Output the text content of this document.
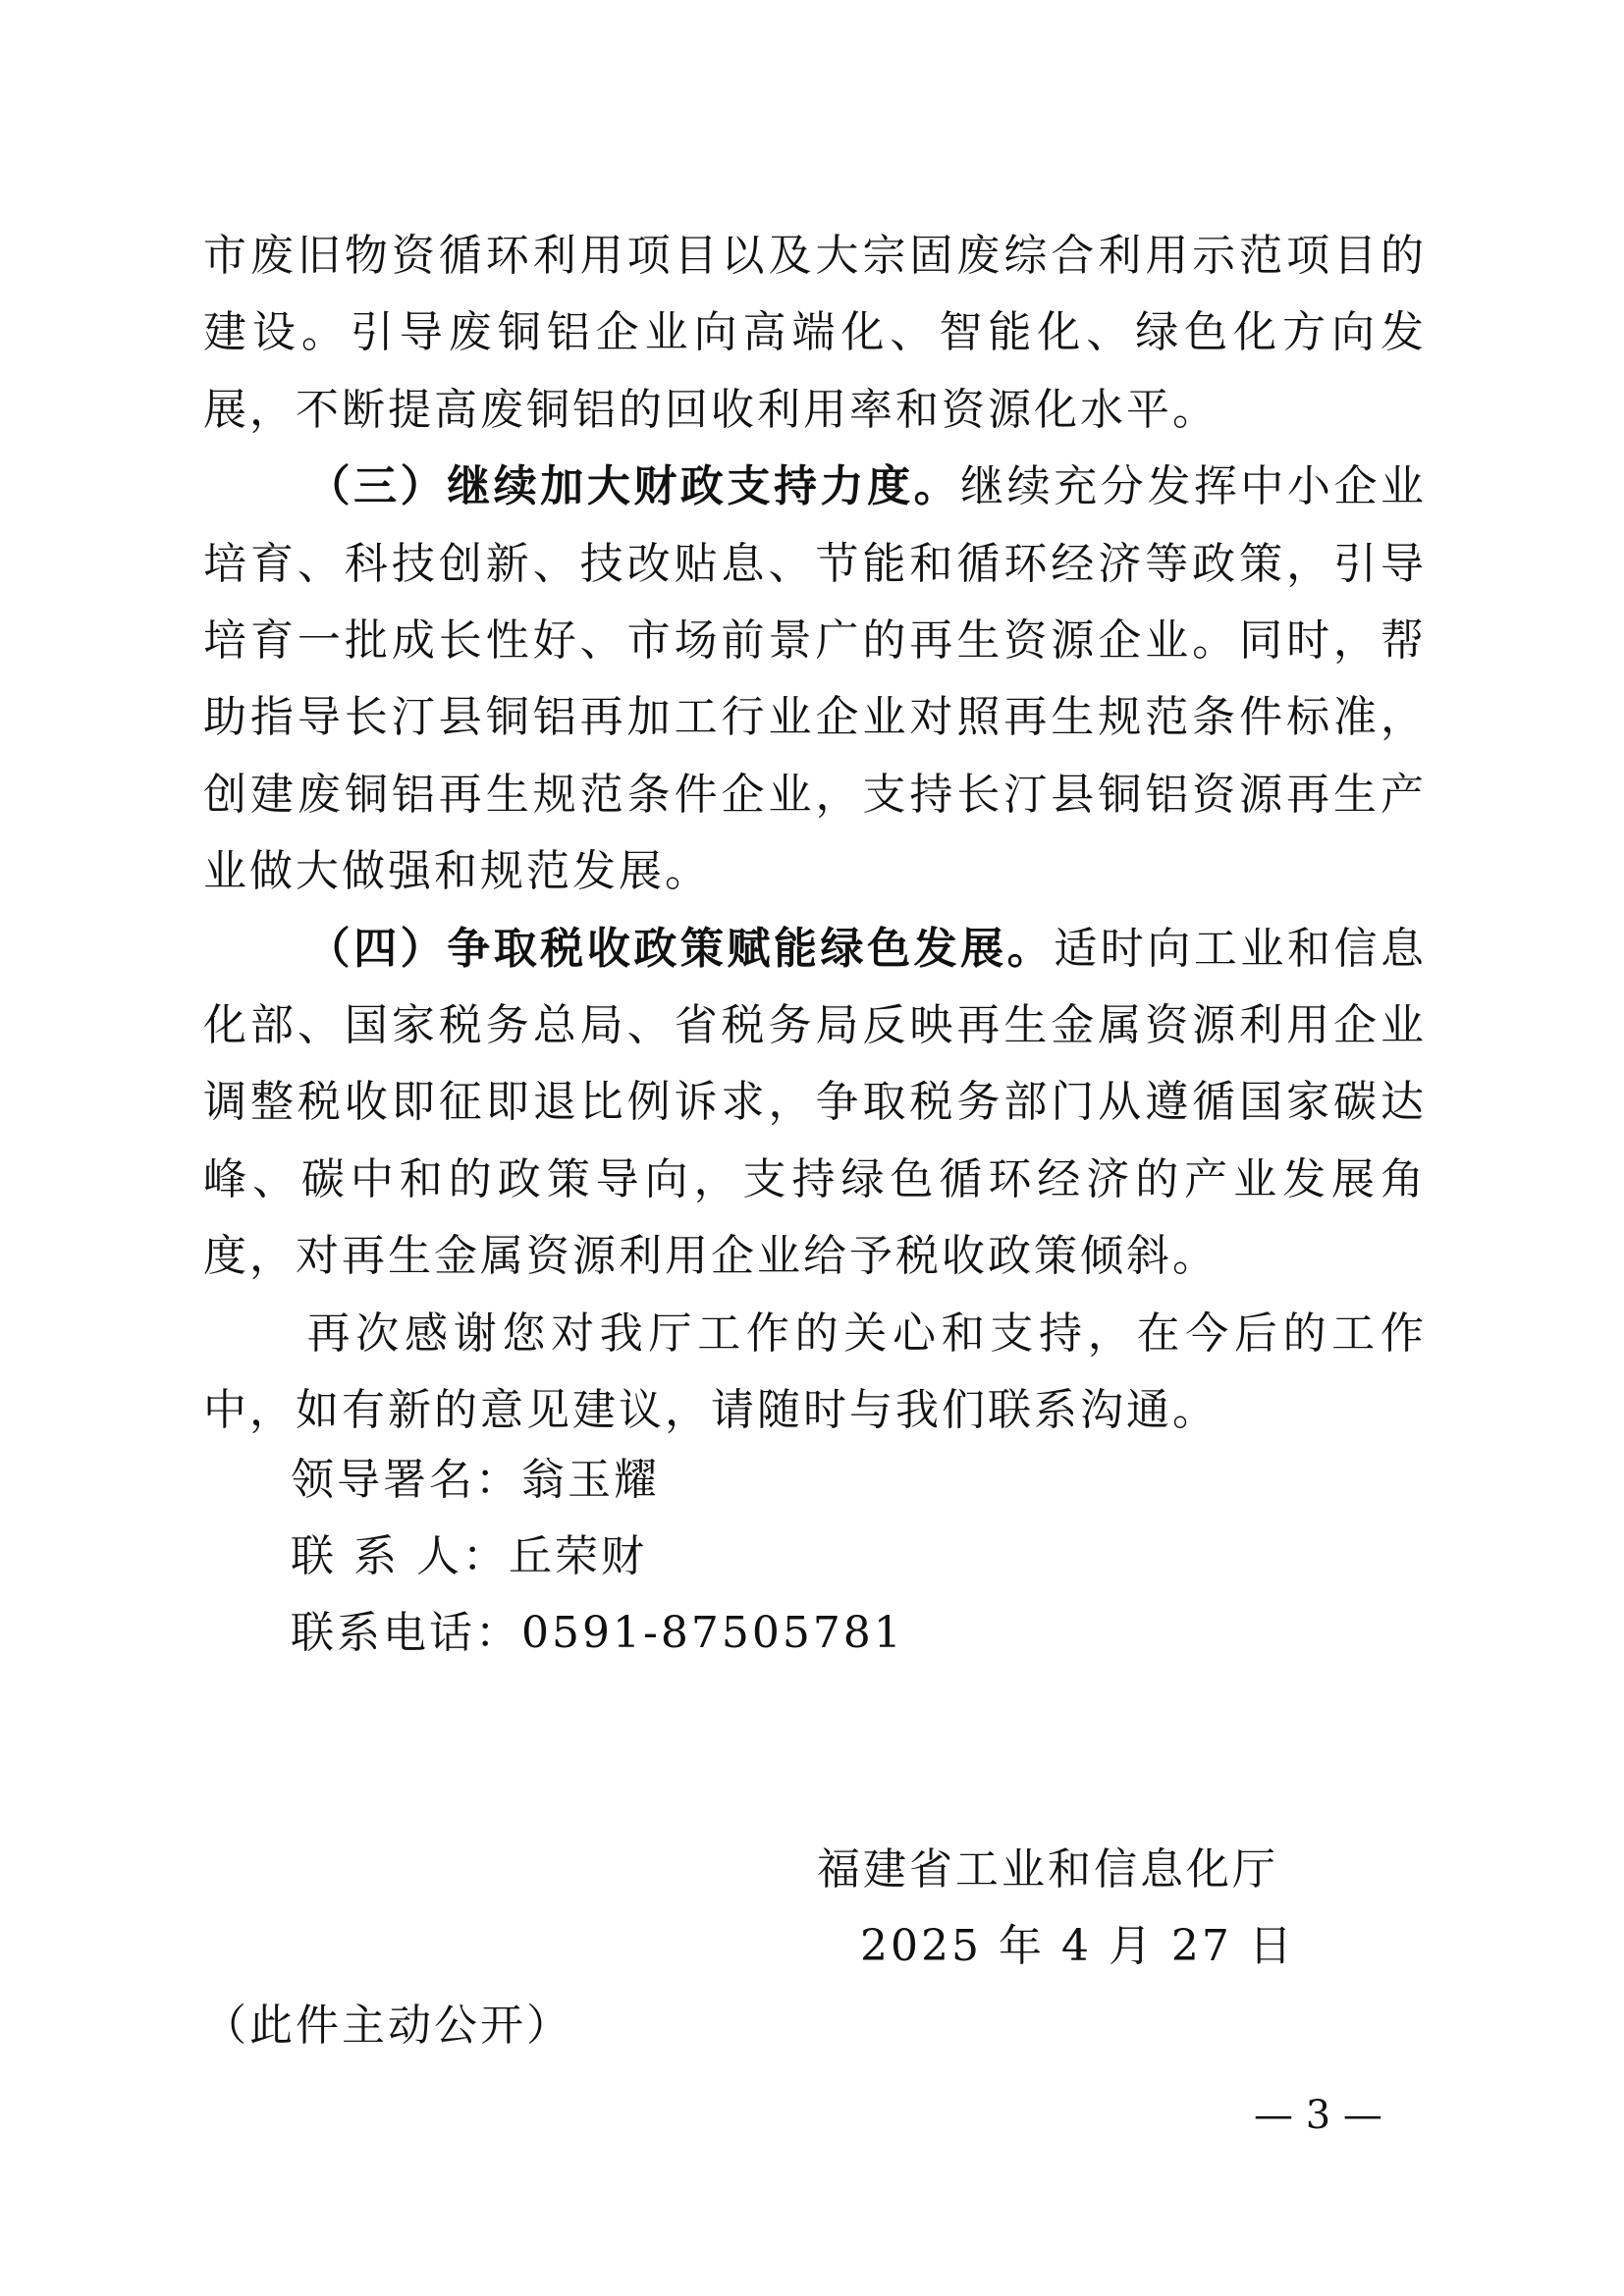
市废旧物资循环利用项目以及大宗固废综合利用示范项目的建设。引导废铜铝企业向高端化、智能化、绿色化方向发展，不断提高废铜铝的回收利用率和资源化水平。

（三）继续加大财政支持力度。继续充分发挥中小企业培育、科技创新、技改贴息、节能和循环经济等政策，引导培育一批成长性好、市场前景广的再生资源企业。同时，帮助指导长汀县铜铝再加工行业企业对照再生规范条件标准，创建废铜铝再生规范条件企业，支持长汀县铜铝资源再生产业做大做强和规范发展。

（四）争取税收政策赋能绿色发展。适时向工业和信息化部、国家税务总局、省税务局反映再生金属资源利用企业调整税收即征即退比例诉求，争取税务部门从遵循国家碳达峰、碳中和的政策导向，支持绿色循环经济的产业发展角度，对再生金属资源利用企业给予税收政策倾斜。

再次感谢您对我厅工作的关心和支持，在今后的工作中，如有新的意见建议，请随时与我们联系沟通。

领导署名：翁玉耀
联 系 人：丘荣财
联系电话：0591-87505781
福建省工业和信息化厅
2025 年 4 月 27 日
（此件主动公开）
— 3 —
